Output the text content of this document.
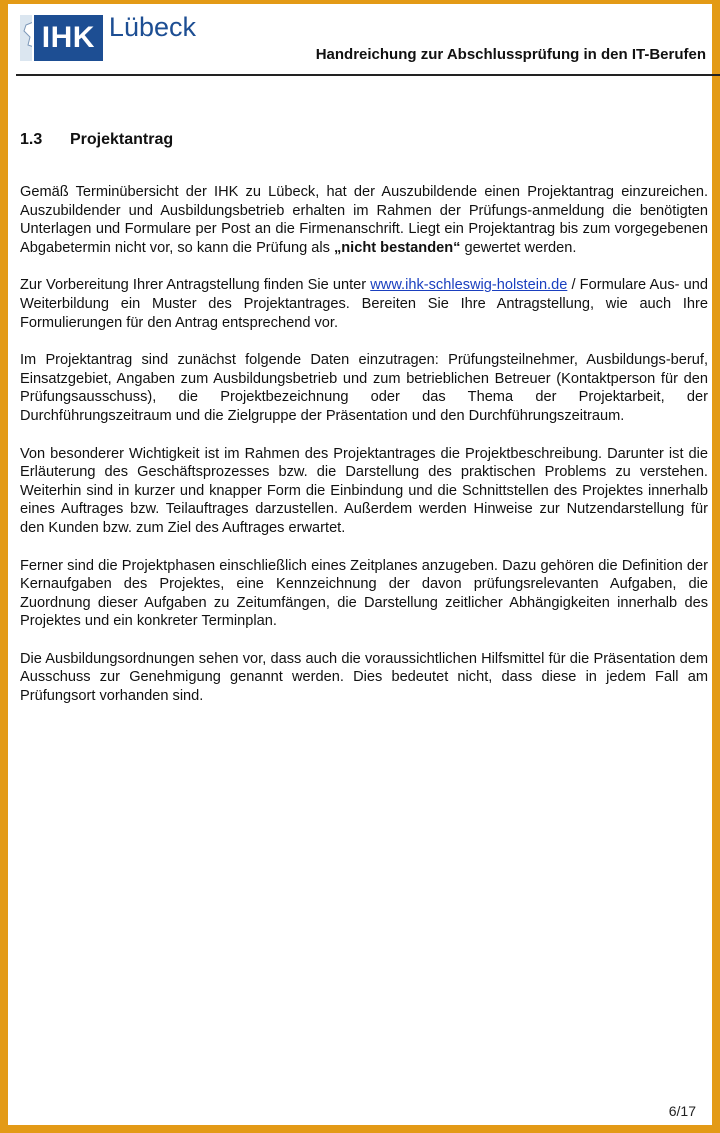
IHK Lübeck
Handreichung zur Abschlussprüfung in den IT-Berufen
1.3	Projektantrag

Gemäß Terminübersicht der IHK zu Lübeck, hat der Auszubildende einen Projektantrag einzureichen. Auszubildender und Ausbildungsbetrieb erhalten im Rahmen der Prüfungs-anmeldung die benötigten Unterlagen und Formulare per Post an die Firmenanschrift. Liegt ein Projektantrag bis zum vorgegebenen Abgabetermin nicht vor, so kann die Prüfung als „nicht bestanden“ gewertet werden.

Zur Vorbereitung Ihrer Antragstellung finden Sie unter www.ihk-schleswig-holstein.de / Formulare Aus- und Weiterbildung ein Muster des Projektantrages. Bereiten Sie Ihre Antragstellung, wie auch Ihre Formulierungen für den Antrag entsprechend vor.

Im Projektantrag sind zunächst folgende Daten einzutragen: Prüfungsteilnehmer, Ausbildungs-beruf, Einsatzgebiet, Angaben zum Ausbildungsbetrieb und zum betrieblichen Betreuer (Kontaktperson für den Prüfungsausschuss), die Projektbezeichnung oder das Thema der Projektarbeit, der Durchführungszeitraum und die Zielgruppe der Präsentation und den Durchführungszeitraum.

Von besonderer Wichtigkeit ist im Rahmen des Projektantrages die Projektbeschreibung. Darunter ist die Erläuterung des Geschäftsprozesses bzw. die Darstellung des praktischen Problems zu verstehen. Weiterhin sind in kurzer und knapper Form die Einbindung und die Schnittstellen des Projektes innerhalb eines Auftrages bzw. Teilauftrages darzustellen. Außerdem werden Hinweise zur Nutzendarstellung für den Kunden bzw. zum Ziel des Auftrages erwartet.

Ferner sind die Projektphasen einschließlich eines Zeitplanes anzugeben. Dazu gehören die Definition der Kernaufgaben des Projektes, eine Kennzeichnung der davon prüfungsrelevanten Aufgaben, die Zuordnung dieser Aufgaben zu Zeitumfängen, die Darstellung zeitlicher Abhängigkeiten innerhalb des Projektes und ein konkreter Terminplan.

Die Ausbildungsordnungen sehen vor, dass auch die voraussichtlichen Hilfsmittel für die Präsentation dem Ausschuss zur Genehmigung genannt werden. Dies bedeutet nicht, dass diese in jedem Fall am Prüfungsort vorhanden sind.

6/17
